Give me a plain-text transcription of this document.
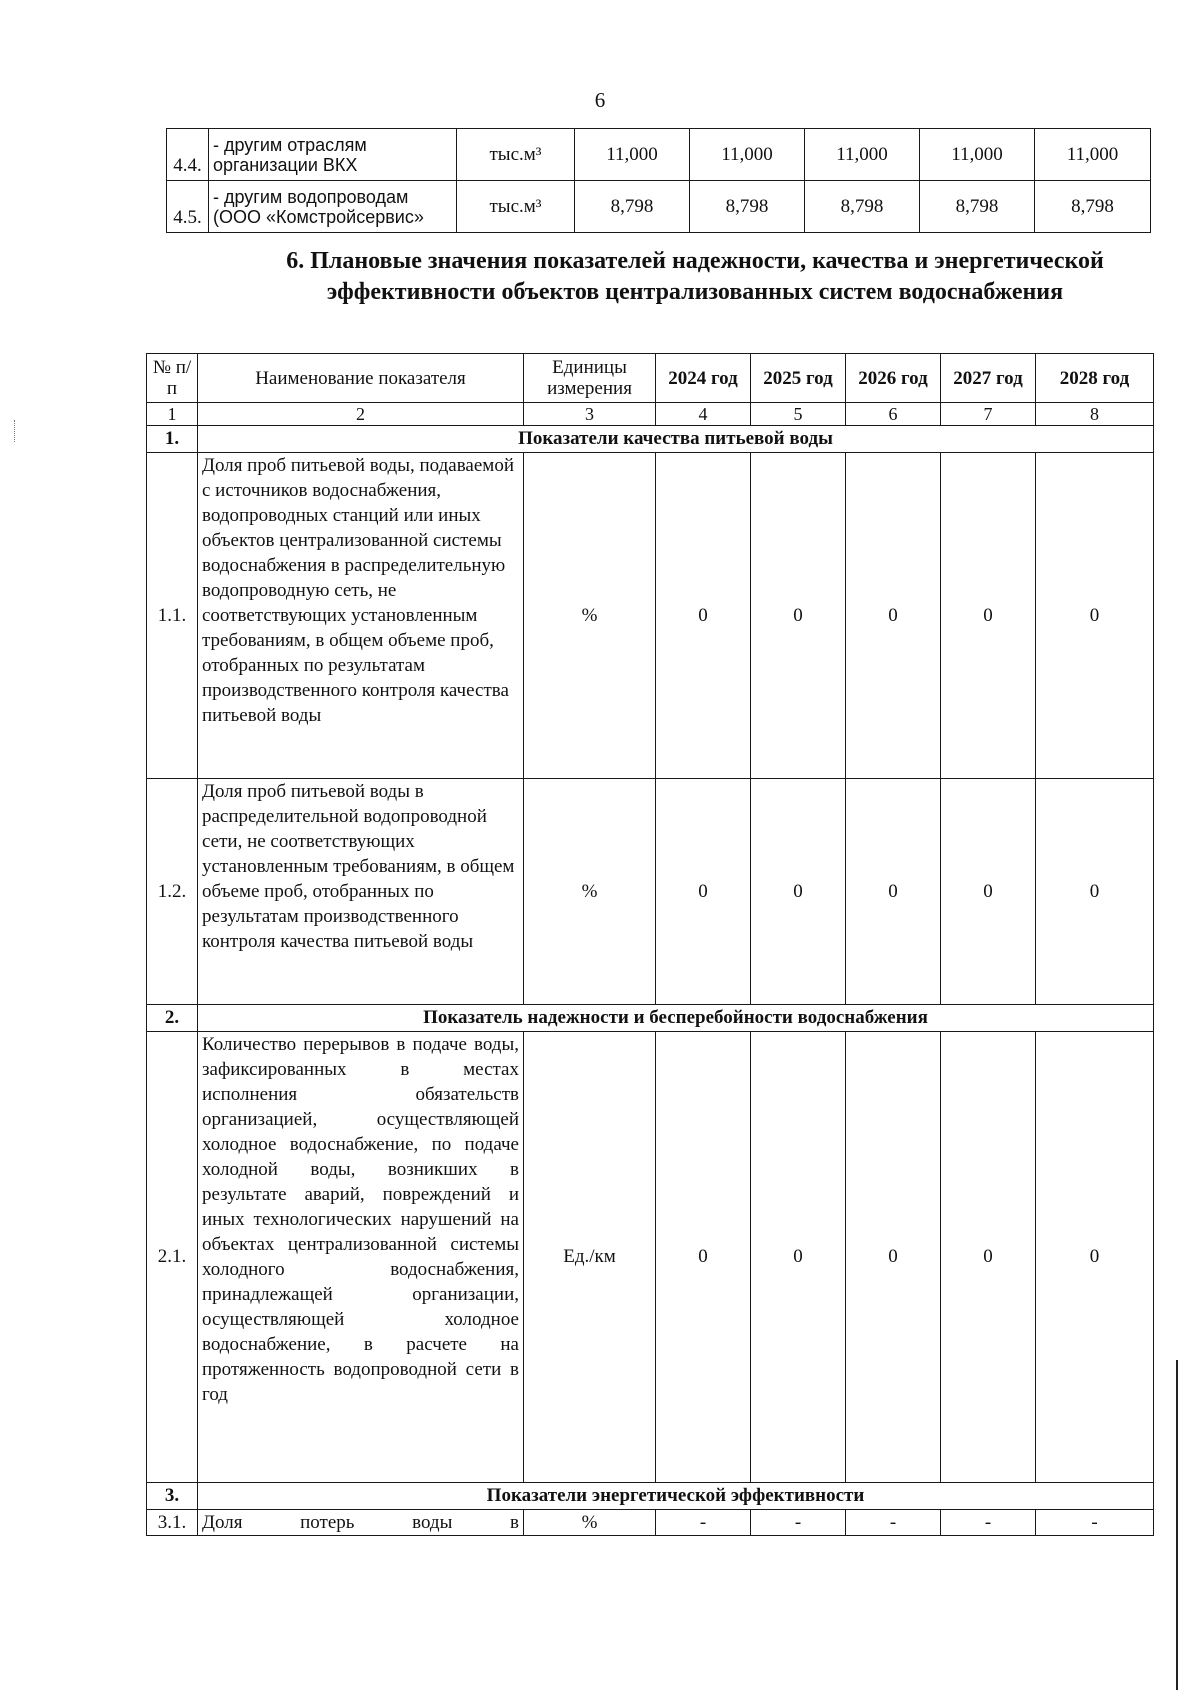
6
4.4.	- другим отраслям организации ВКХ	тыс.м³	11,000	11,000	11,000	11,000	11,000
4.5.	- другим водопроводам (ООО «Комстройсервис»	тыс.м³	8,798	8,798	8,798	8,798	8,798
6. Плановые значения показателей надежности, качества и энергетической эффективности объектов централизованных систем водоснабжения
№ п/п	Наименование показателя	Единицы измерения	2024 год	2025 год	2026 год	2027 год	2028 год
1	2	3	4	5	6	7	8
1.	Показатели качества питьевой воды						
1.1.	Доля проб питьевой воды, подаваемой с источников водоснабжения, водопроводных станций или иных объектов централизованной системы водоснабжения в распределительную водопроводную сеть, не соответствующих установленным требованиям, в общем объеме проб, отобранных по результатам производственного контроля качества питьевой воды	%	0	0	0	0	0
1.2.	Доля проб питьевой воды в распределительной водопроводной сети, не соответствующих установленным требованиям, в общем объеме проб, отобранных по результатам производственного контроля качества питьевой воды	%	0	0	0	0	0
2.	Показатель надежности и бесперебойности водоснабжения						
2.1.	Количество перерывов в подаче воды, зафиксированных в местах исполнения обязательств организацией, осуществляющей холодное водоснабжение, по подаче холодной воды, возникших в результате аварий, повреждений и иных технологических нарушений на объектах централизованной системы холодного водоснабжения, принадлежащей организации, осуществляющей холодное водоснабжение, в расчете на протяженность водопроводной сети в год	Ед./км	0	0	0	0	0
3.	Показатели энергетической эффективности						
3.1.	Доля потерь воды в	%	-	-	-	-	-
